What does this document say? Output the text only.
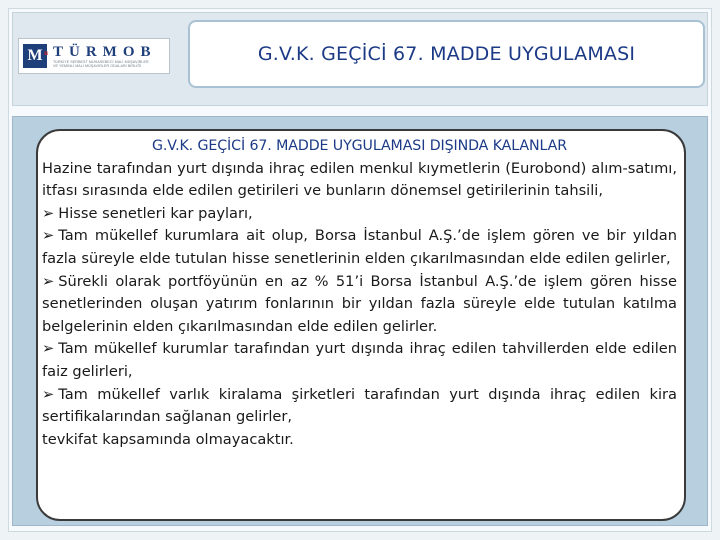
M ıı TÜRMOB
TÜRKİYE SERBEST MUHASEBECİ MALİ MÜŞAVİRLER
VE YEMİNLİ MALİ MÜŞAVİRLER ODALARI BİRLİĞİ
G.V.K. GEÇİCİ 67. MADDE UYGULAMASI
G.V.K. GEÇİCİ 67. MADDE UYGULAMASI DIŞINDA KALANLAR
Hazine tarafından yurt dışında ihraç edilen menkul kıymetlerin (Eurobond) alım-satımı, itfası sırasında elde edilen getirileri ve bunların dönemsel getirilerinin tahsili,
➢ Hisse senetleri kar payları,
➢ Tam mükellef kurumlara ait olup, Borsa İstanbul A.Ş.’de işlem gören ve bir yıldan fazla süreyle elde tutulan hisse senetlerinin elden çıkarılmasından elde edilen gelirler,
➢ Sürekli olarak portföyünün en az % 51’i Borsa İstanbul A.Ş.’de işlem gören hisse senetlerinden oluşan yatırım fonlarının bir yıldan fazla süreyle elde tutulan katılma belgelerinin elden çıkarılmasından elde edilen gelirler.
➢ Tam mükellef kurumlar tarafından yurt dışında ihraç edilen tahvillerden elde edilen faiz gelirleri,
➢ Tam mükellef varlık kiralama şirketleri tarafından yurt dışında ihraç edilen kira sertifikalarından sağlanan gelirler,
tevkifat kapsamında olmayacaktır.
